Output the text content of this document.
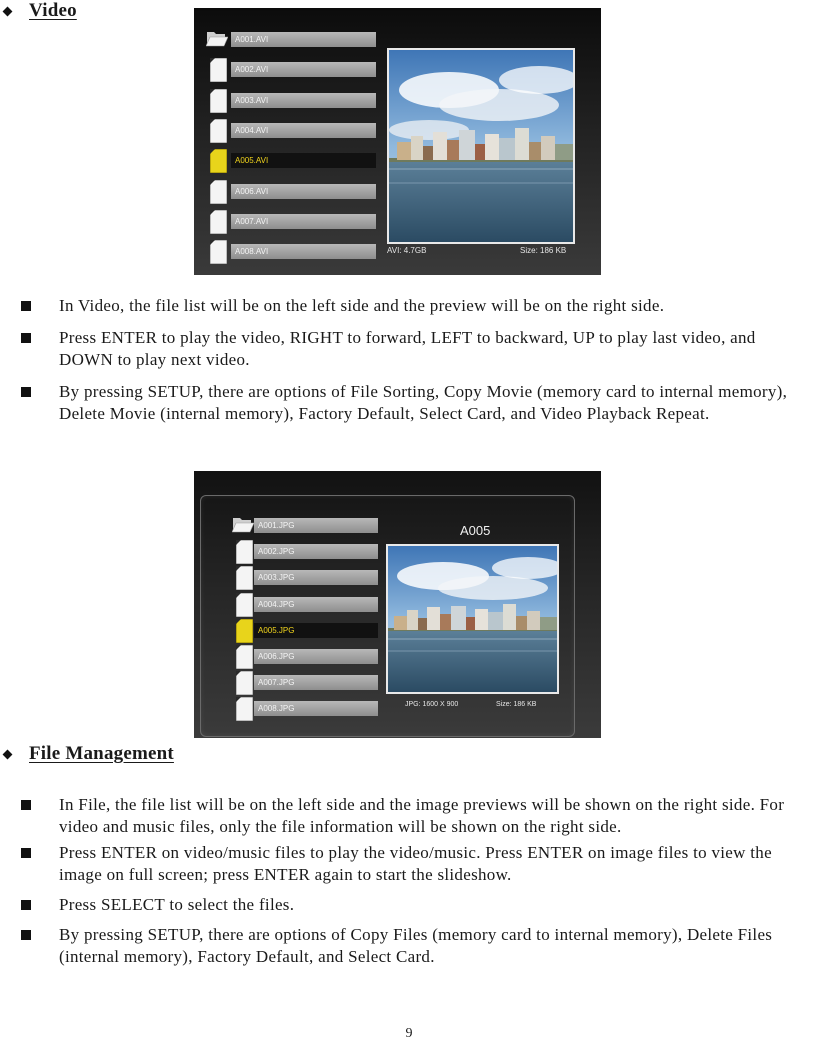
Video
A001.AVI
A002.AVI
A003.AVI
A004.AVI
A005.AVI
A006.AVI
A007.AVI
A008.AVI	AVI: 4.7GB	Size: 186 KB
In Video, the file list will be on the left side and the preview will be on the right side.
Press ENTER to play the video, RIGHT to forward, LEFT to backward, UP to play last video, and DOWN to play next video.
By pressing SETUP, there are options of File Sorting, Copy Movie (memory card to internal memory), Delete Movie (internal memory), Factory Default, Select Card, and Video Playback Repeat.
A001.JPG
A002.JPG
A003.JPG
A004.JPG
A005.JPG
A006.JPG
A007.JPG
A008.JPG
A005
JPG: 1600 X 900	Size: 186 KB
File Management
In File, the file list will be on the left side and the image previews will be shown on the right side. For video and music files, only the file information will be shown on the right side.
Press ENTER on video/music files to play the video/music. Press ENTER on image files to view the image on full screen; press ENTER again to start the slideshow.
Press SELECT to select the files.
By pressing SETUP, there are options of Copy Files (memory card to internal memory), Delete Files (internal memory), Factory Default, and Select Card.
9
